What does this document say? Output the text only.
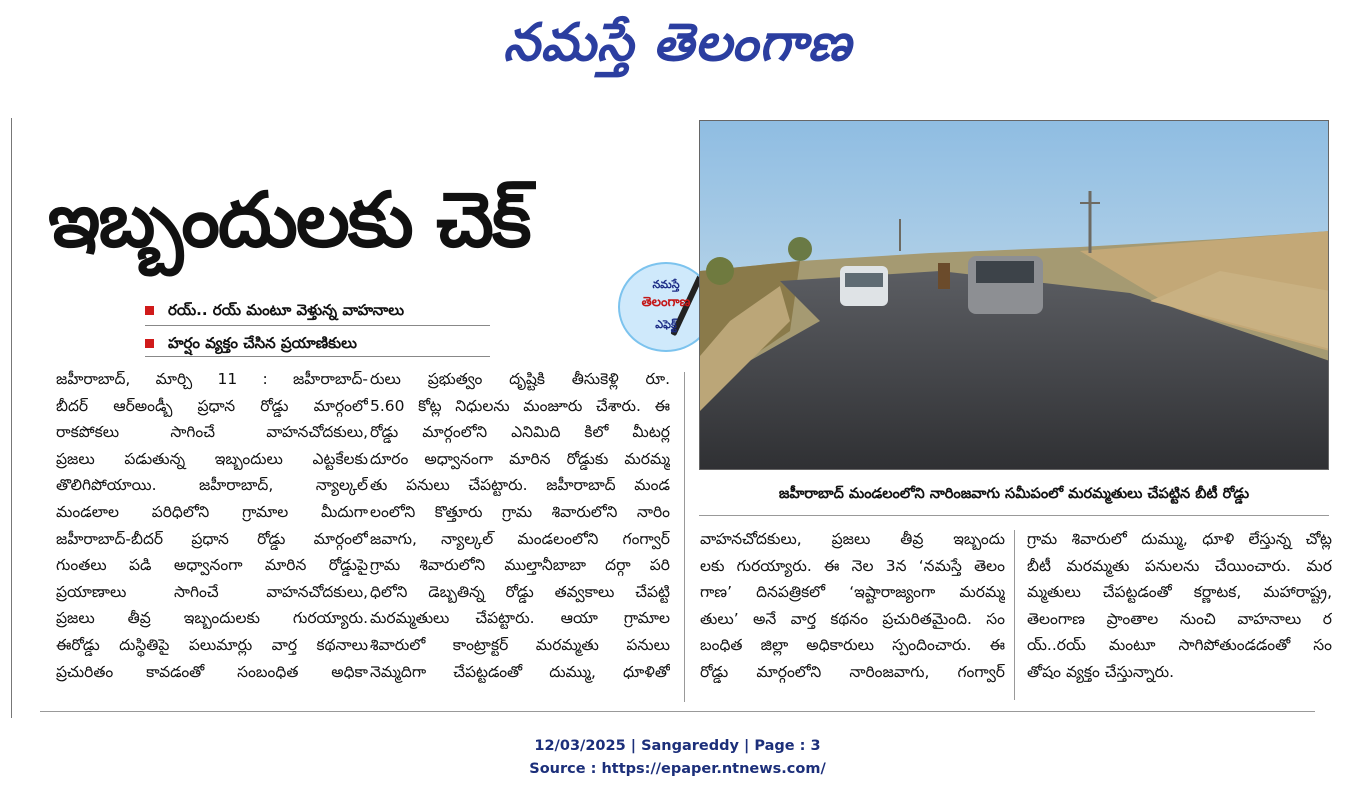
నమస్తే తెలంగాణ
ఇబ్బందులకు చెక్
రయ్.. రయ్ మంటూ వెళ్తున్న వాహనాలు
హర్షం వ్యక్తం చేసిన ప్రయాణికులు
నమస్తే
తెలంగాణ
ఎఫెక్ట్
జహీరాబాద్ మండలంలోని నారింజవాగు సమీపంలో మరమ్మతులు చేపట్టిన బీటీ రోడ్డు

జహీరాబాద్, మార్చి 11 : జహీరాబాద్-

బీదర్ ఆర్అండ్బీ ప్రధాన రోడ్డు మార్గంలో

రాకపోకలు సాగించే వాహనచోదకులు,

ప్రజలు పడుతున్న ఇబ్బందులు ఎట్టకేలకు

తొలిగిపోయాయి. జహీరాబాద్, న్యాల్కల్

మండలాల పరిధిలోని గ్రామాల మీదుగా

జహీరాబాద్-బీదర్ ప్రధాన రోడ్డు మార్గంలో

గుంతలు పడి అధ్వానంగా మారిన రోడ్డుపై

ప్రయాణాలు సాగించే వాహనచోదకులు,

ప్రజలు తీవ్ర ఇబ్బందులకు గురయ్యారు.

ఈరోడ్డు దుస్థితిపై పలుమార్లు వార్త కథనాలు

ప్రచురితం కావడంతో సంబంధిత అధికా

రులు ప్రభుత్వం దృష్టికి తీసుకెళ్లి రూ.

5.60 కోట్ల నిధులను మంజూరు చేశారు. ఈ

రోడ్డు మార్గంలోని ఎనిమిది కిలో మీటర్ల

దూరం అధ్వానంగా మారిన రోడ్డుకు మరమ్మ

తు పనులు చేపట్టారు. జహీరాబాద్ మండ

లంలోని కొత్తూరు గ్రామ శివారులోని నారిం

జవాగు, న్యాల్కల్ మండలంలోని గంగ్వార్

గ్రామ శివారులోని ముల్తానీబాబా దర్గా పరి

ధిలోని డెబ్బతిన్న రోడ్డు తవ్వకాలు చేపట్టి

మరమ్మతులు చేపట్టారు. ఆయా గ్రామాల

శివారులో కాంట్రాక్టర్ మరమ్మతు పనులు

నెమ్మదిగా చేపట్టడంతో దుమ్ము, ధూళితో

వాహనచోదకులు, ప్రజలు తీవ్ర ఇబ్బందు

లకు గురయ్యారు. ఈ నెల 3న ‘నమస్తే తెలం

గాణ’ దినపత్రికలో ‘ఇష్టారాజ్యంగా మరమ్మ

తులు’ అనే వార్త కథనం ప్రచురితమైంది. సం

బంధిత జిల్లా అధికారులు స్పందించారు. ఈ

రోడ్డు మార్గంలోని నారింజవాగు, గంగ్వార్

గ్రామ శివారులో దుమ్ము, ధూళి లేస్తున్న చోట్ల

బీటీ మరమ్మతు పనులను చేయించారు. మర

మ్మతులు చేపట్టడంతో కర్ణాటక, మహారాష్ట్ర,

తెలంగాణ ప్రాంతాల నుంచి వాహనాలు ర

య్..రయ్ మంటూ సాగిపోతుండడంతో సం

తోషం వ్యక్తం చేస్తున్నారు.

12/03/2025 | Sangareddy | Page : 3
Source : https://epaper.ntnews.com/
